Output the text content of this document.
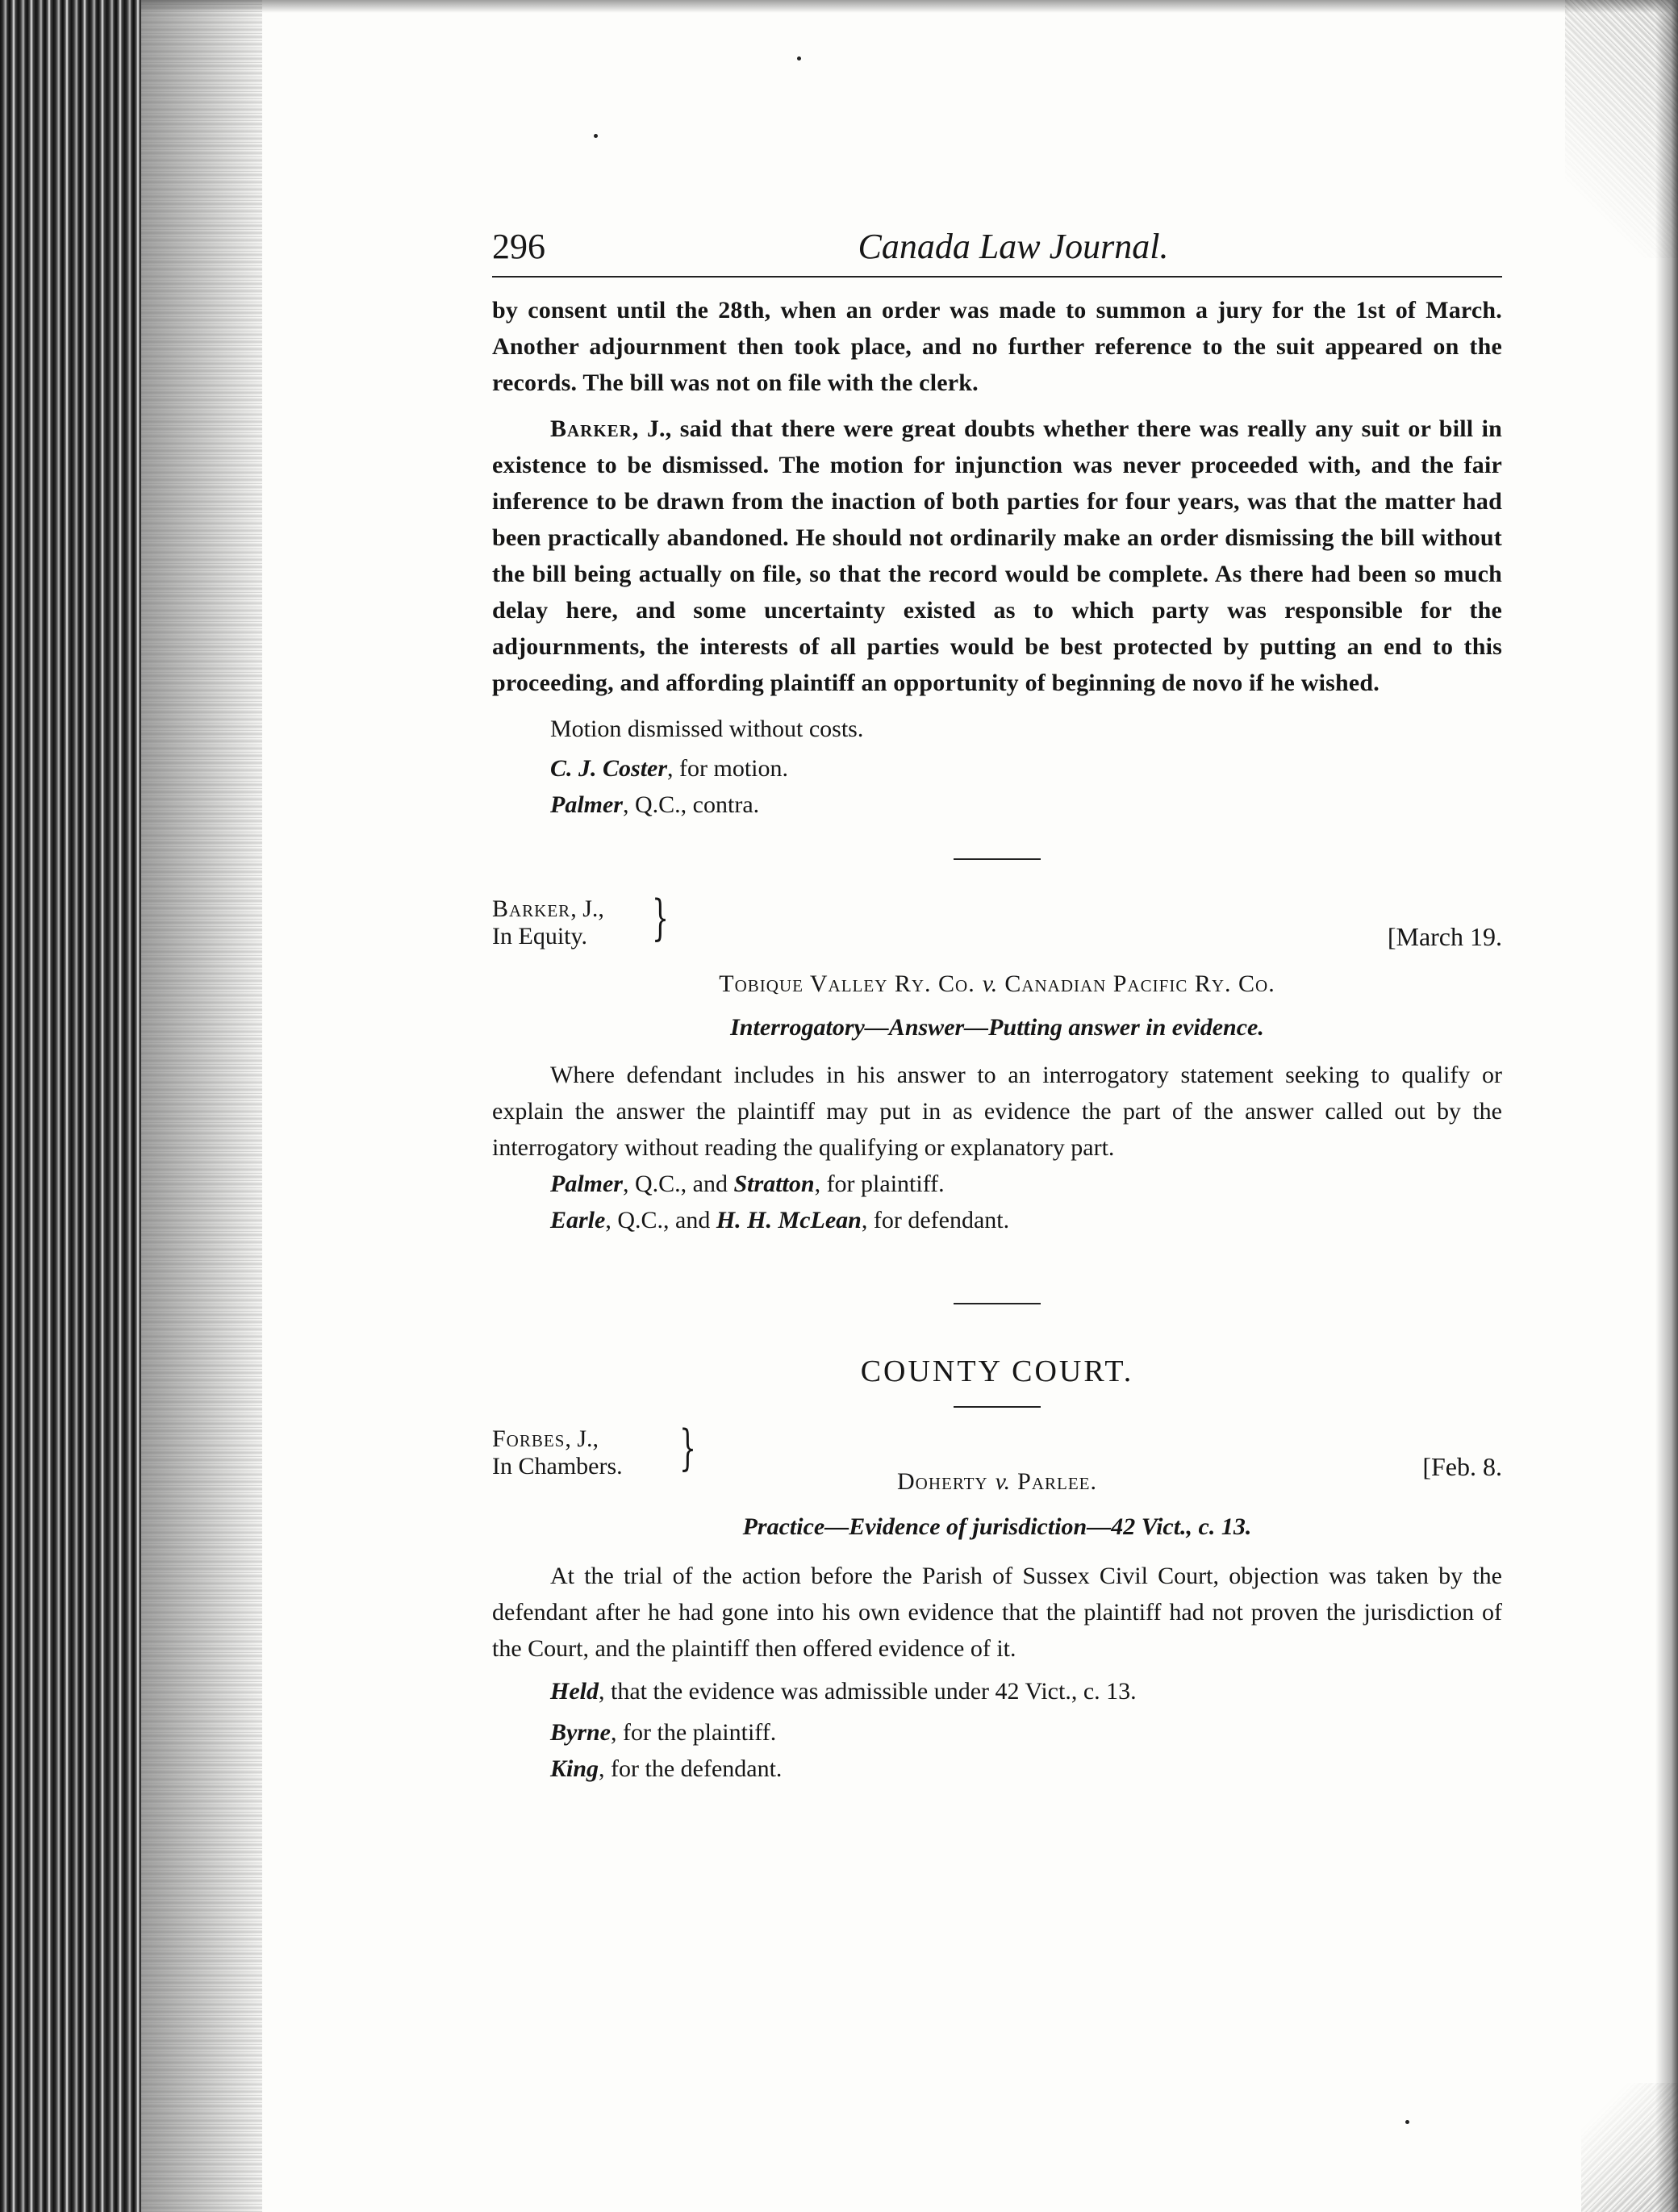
296	Canada Law Journal.

by consent until the 28th, when an order was made to summon a jury for the 1st of March. Another adjournment then took place, and no further reference to the suit appeared on the records. The bill was not on file with the clerk.

Barker, J., said that there were great doubts whether there was really any suit or bill in existence to be dismissed. The motion for injunction was never proceeded with, and the fair inference to be drawn from the inaction of both parties for four years, was that the matter had been practically abandoned. He should not ordinarily make an order dismissing the bill without the bill being actually on file, so that the record would be complete. As there had been so much delay here, and some uncertainty existed as to which party was responsible for the adjournments, the interests of all parties would be best protected by putting an end to this proceeding, and affording plaintiff an opportunity of beginning de novo if he wished.

Motion dismissed without costs.
C. J. Coster, for motion.
Palmer, Q.C., contra.
Barker, J.,
In Equity.	}	[March 19.
Tobique Valley Ry. Co. v. Canadian Pacific Ry. Co.
Interrogatory—Answer—Putting answer in evidence.

Where defendant includes in his answer to an interrogatory statement seeking to qualify or explain the answer the plaintiff may put in as evidence the part of the answer called out by the interrogatory without reading the qualifying or explanatory part.

Palmer, Q.C., and Stratton, for plaintiff.
Earle, Q.C., and H. H. McLean, for defendant.
COUNTY COURT.
Forbes, J.,
In Chambers. }	[Feb. 8.
Doherty v. Parlee.
Practice—Evidence of jurisdiction—42 Vict., c. 13.

At the trial of the action before the Parish of Sussex Civil Court, objection was taken by the defendant after he had gone into his own evidence that the plaintiff had not proven the jurisdiction of the Court, and the plaintiff then offered evidence of it.

Held, that the evidence was admissible under 42 Vict., c. 13.
Byrne, for the plaintiff.
King, for the defendant.
